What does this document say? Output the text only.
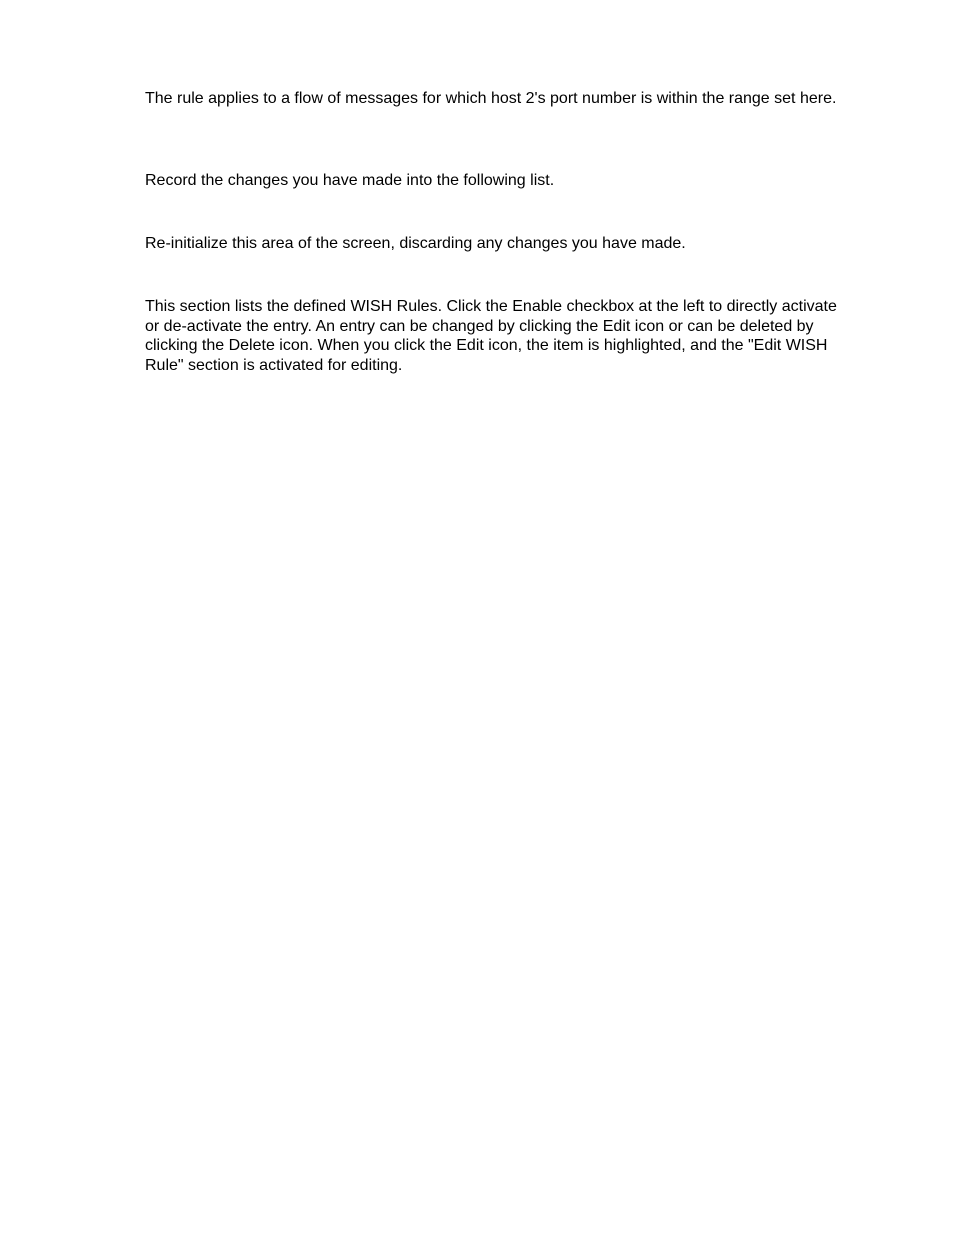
The rule applies to a flow of messages for which host 2's port number is within the range set here.

Record the changes you have made into the following list.

Re-initialize this area of the screen, discarding any changes you have made.

This section lists the defined WISH Rules. Click the Enable checkbox at the left to directly activate or de-activate the entry. An entry can be changed by clicking the Edit icon or can be deleted by clicking the Delete icon. When you click the Edit icon, the item is highlighted, and the "Edit WISH Rule" section is activated for editing.
